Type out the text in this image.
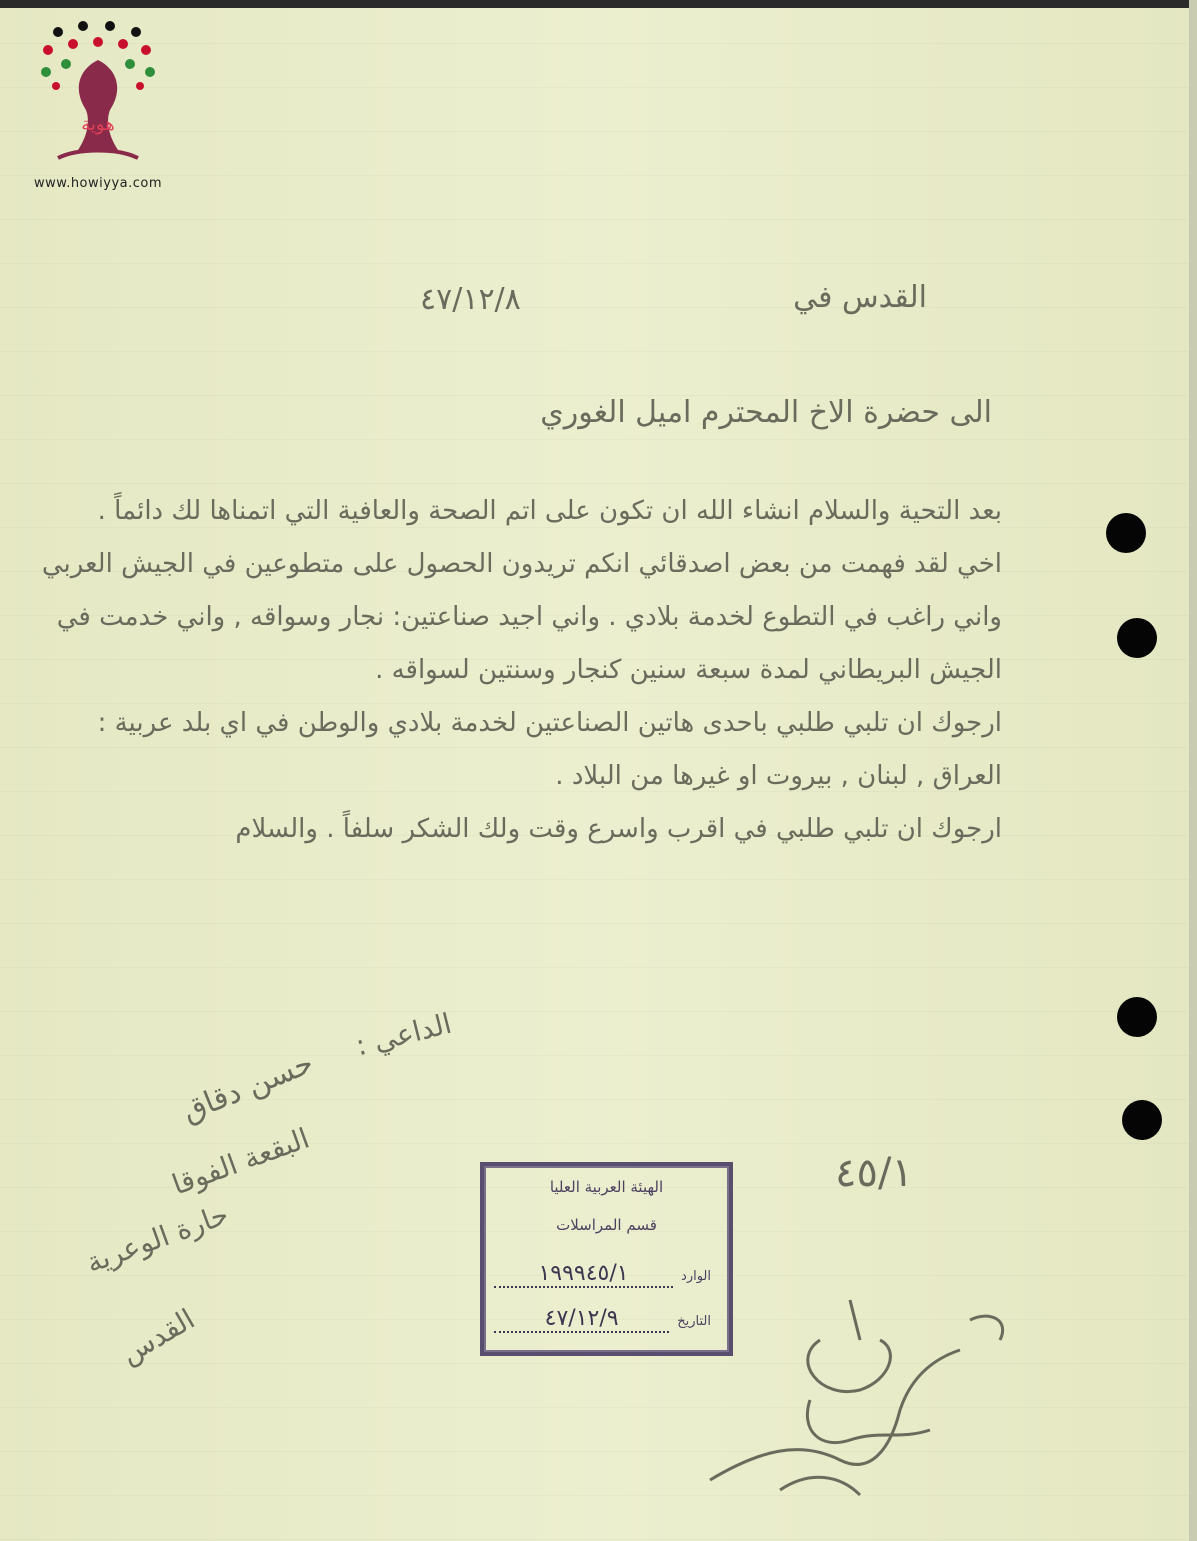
هوية
www.howiyya.com
القدس في
٤٧/١٢/٨
الى حضرة الاخ المحترم اميل الغوري

بعد التحية والسلام انشاء الله ان تكون على اتم الصحة والعافية التي اتمناها لك دائماً .

اخي لقد فهمت من بعض اصدقائي انكم تريدون الحصول على متطوعين في الجيش العربي واني راغب في التطوع لخدمة بلادي . واني اجيد صناعتين: نجار وسواقه , واني خدمت في الجيش البريطاني لمدة سبعة سنين كنجار وسنتين لسواقه .

ارجوك ان تلبي طلبي باحدى هاتين الصناعتين لخدمة بلادي والوطن في اي بلد عربية : العراق , لبنان , بيروت او غيرها من البلاد .

ارجوك ان تلبي طلبي في اقرب واسرع وقت ولك الشكر سلفاً . والسلام

الداعي :
حسن دقاق
البقعة الفوقا
حارة الوعرية
القدس
٤٥/١
الهيئة العربية العليا
قسم المراسلات
الوارد
١٩٩٩٤٥/١
التاريخ
٤٧/١٢/٩
